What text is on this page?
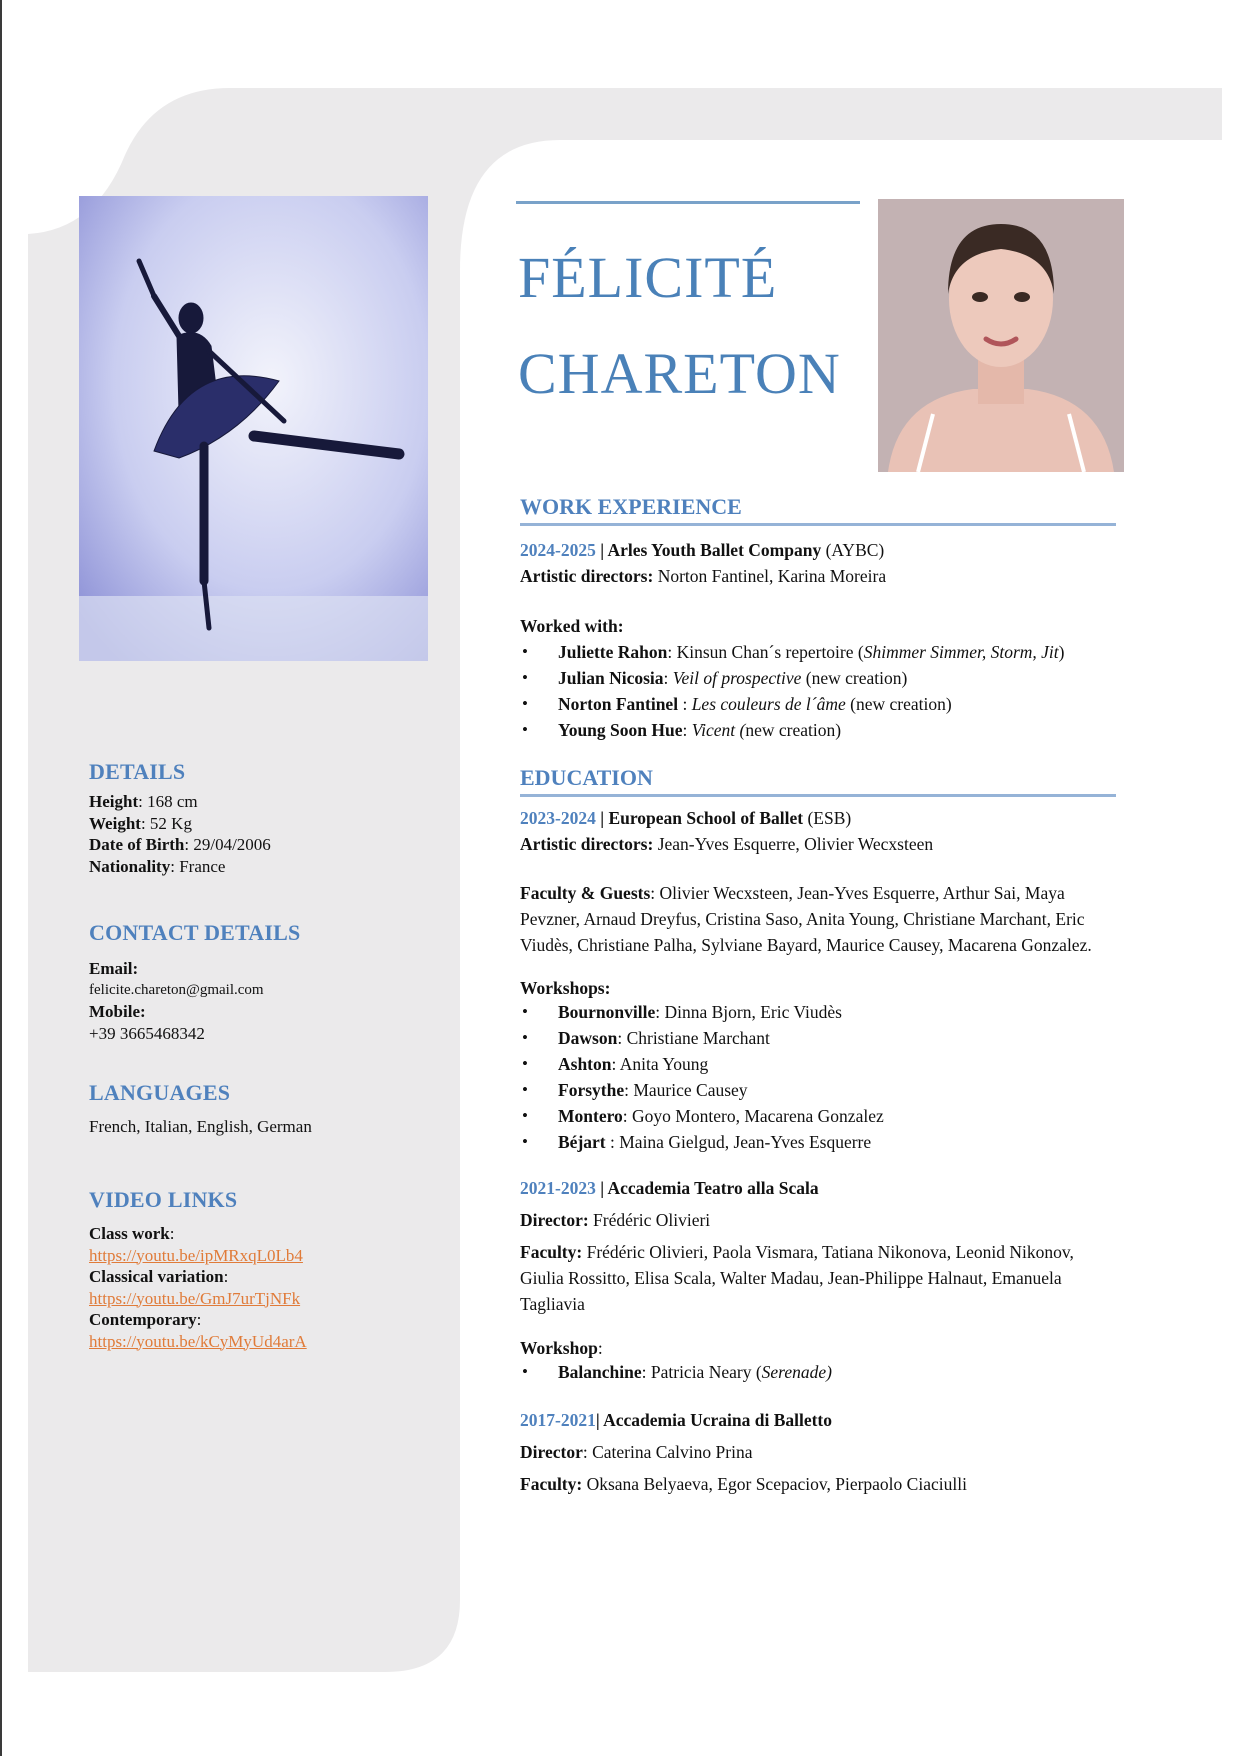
FÉLICITÉ
CHARETON
DETAILS
Height: 168 cm
Weight: 52 Kg
Date of Birth: 29/04/2006
Nationality: France
CONTACT DETAILS
Email:
felicite.chareton@gmail.com
Mobile:
+39 3665468342
LANGUAGES
French, Italian, English, German
VIDEO LINKS
Class work:
https://youtu.be/ipMRxqL0Lb4
Classical variation:
https://youtu.be/GmJ7urTjNFk
Contemporary:
https://youtu.be/kCyMyUd4arA
WORK EXPERIENCE

2024-2025 | Arles Youth Ballet Company (AYBC)

Artistic directors: Norton Fantinel, Karina Moreira

Worked with:

• Juliette Rahon: Kinsun Chan´s repertoire (Shimmer Simmer, Storm, Jit)
• Julian Nicosia: Veil of prospective (new creation)
• Norton Fantinel : Les couleurs de l´âme (new creation)
• Young Soon Hue: Vicent (new creation)
EDUCATION

2023-2024 | European School of Ballet (ESB)

Artistic directors: Jean-Yves Esquerre, Olivier Wecxsteen

Faculty & Guests: Olivier Wecxsteen, Jean-Yves Esquerre, Arthur Sai, Maya Pevzner, Arnaud Dreyfus, Cristina Saso, Anita Young, Christiane Marchant, Eric Viudès, Christiane Palha, Sylviane Bayard, Maurice Causey, Macarena Gonzalez.

Workshops:

• Bournonville: Dinna Bjorn, Eric Viudès
• Dawson: Christiane Marchant
• Ashton: Anita Young
• Forsythe: Maurice Causey
• Montero: Goyo Montero, Macarena Gonzalez
• Béjart : Maina Gielgud, Jean-Yves Esquerre

2021-2023 | Accademia Teatro alla Scala

Director: Frédéric Olivieri

Faculty: Frédéric Olivieri, Paola Vismara, Tatiana Nikonova, Leonid Nikonov, Giulia Rossitto, Elisa Scala, Walter Madau, Jean-Philippe Halnaut, Emanuela Tagliavia

Workshop:

• Balanchine: Patricia Neary (Serenade)

2017-2021| Accademia Ucraina di Balletto

Director: Caterina Calvino Prina

Faculty: Oksana Belyaeva, Egor Scepaciov, Pierpaolo Ciaciulli
